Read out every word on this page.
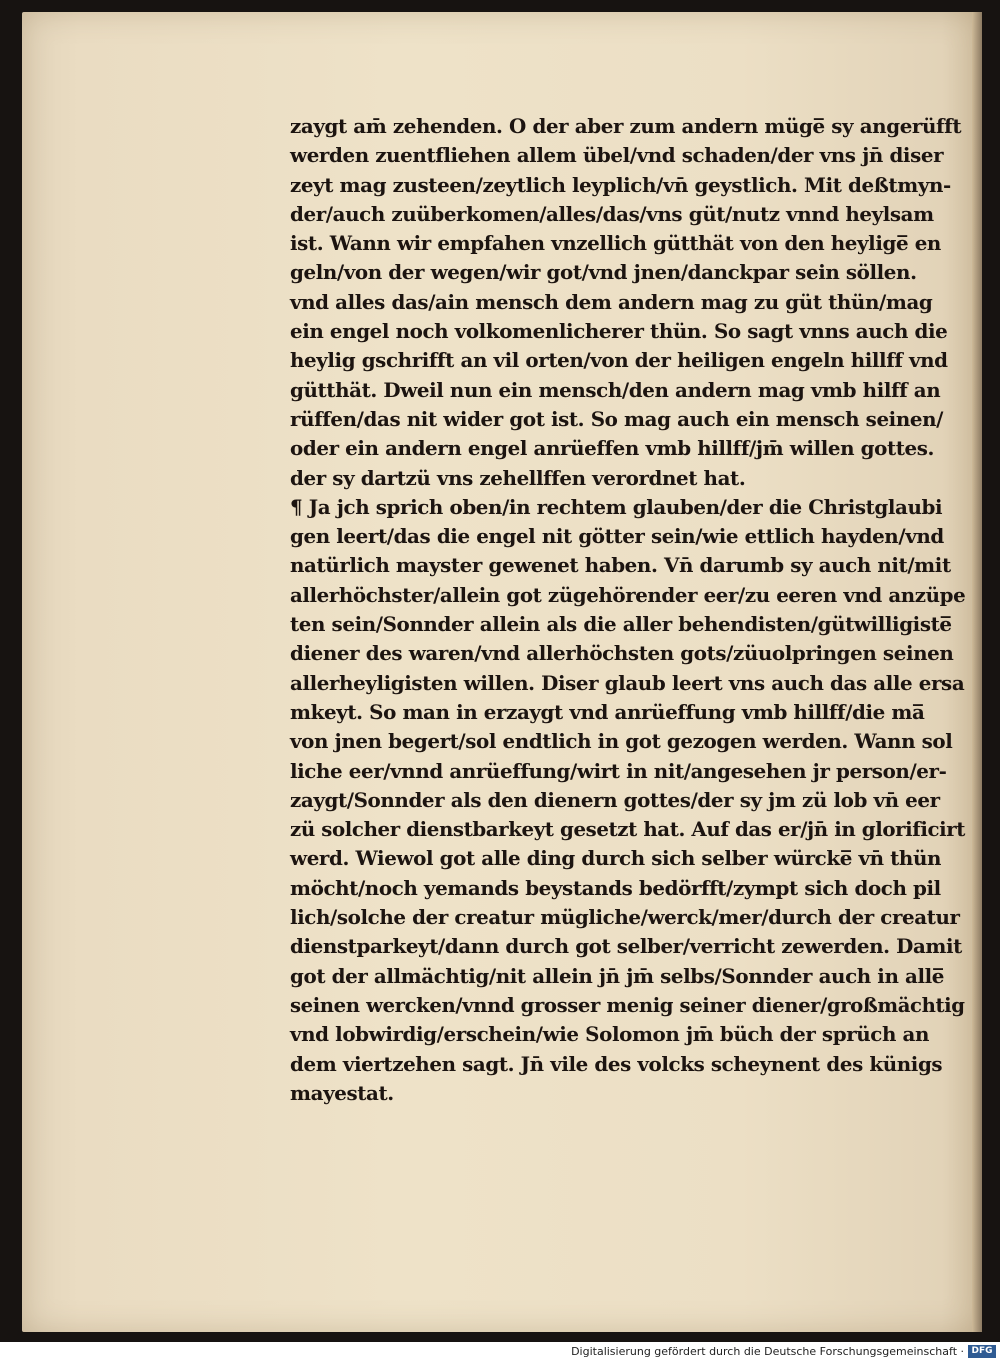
zaygt am̄ zehenden. O der aber zum andern müge̅ sy angerüfft
werden zuentfliehen allem übel/vnd schaden/der vns jn̄ diser
zeyt mag zusteen/zeytlich leyplich/vn̄ geystlich. Mit deßtmyn-
der/auch zuüberkomen/alles/das/vns güt/nutz vnnd heylsam
ist. Wann wir empfahen vnzellich gütthät von den heylige̅ en
geln/von der wegen/wir got/vnd jnen/danckpar sein söllen.
vnd alles das/ain mensch dem andern mag zu güt thün/mag
ein engel noch volkomenlicherer thün. So sagt vnns auch die
heylig gschrifft an vil orten/von der heiligen engeln hillff vnd
gütthät. Dweil nun ein mensch/den andern mag vmb hilff an
rüffen/das nit wider got ist. So mag auch ein mensch seinen/
oder ein andern engel anrüeffen vmb hillff/jm̄ willen gottes.
der sy dartzü vns zehellffen verordnet hat.
¶ Ja jch sprich oben/in rechtem glauben/der die Christglaubi
gen leert/das die engel nit götter sein/wie ettlich hayden/vnd
natürlich mayster gewenet haben. Vn̄ darumb sy auch nit/mit
allerhöchster/allein got zügehörender eer/zu eeren vnd anzüpe
ten sein/Sonnder allein als die aller behendisten/gütwilligiste̅
diener des waren/vnd allerhöchsten gots/züuolpringen seinen
allerheyligisten willen. Diser glaub leert vns auch das alle ersa
mkeyt. So man in erzaygt vnd anrüeffung vmb hillff/die ma̅
von jnen begert/sol endtlich in got gezogen werden. Wann sol
liche eer/vnnd anrüeffung/wirt in nit/angesehen jr person/er-
zaygt/Sonnder als den dienern gottes/der sy jm zü lob vn̄ eer
zü solcher dienstbarkeyt gesetzt hat. Auf das er/jn̄ in glorificirt
werd. Wiewol got alle ding durch sich selber würcke̅ vn̄ thün
möcht/noch yemands beystands bedörfft/zympt sich doch pil
lich/solche der creatur mügliche/werck/mer/durch der creatur
dienstparkeyt/dann durch got selber/verricht zewerden. Damit
got der allmächtig/nit allein jn̄ jm̄ selbs/Sonnder auch in alle̅
seinen wercken/vnnd grosser menig seiner diener/großmächtig
vnd lobwirdig/erschein/wie Solomon jm̄ büch der sprüch an
dem viertzehen sagt. Jn̄ vile des volcks scheynent des künigs
mayestat.
Digitalisierung gefördert durch die Deutsche Forschungsgemeinschaft · DFG
